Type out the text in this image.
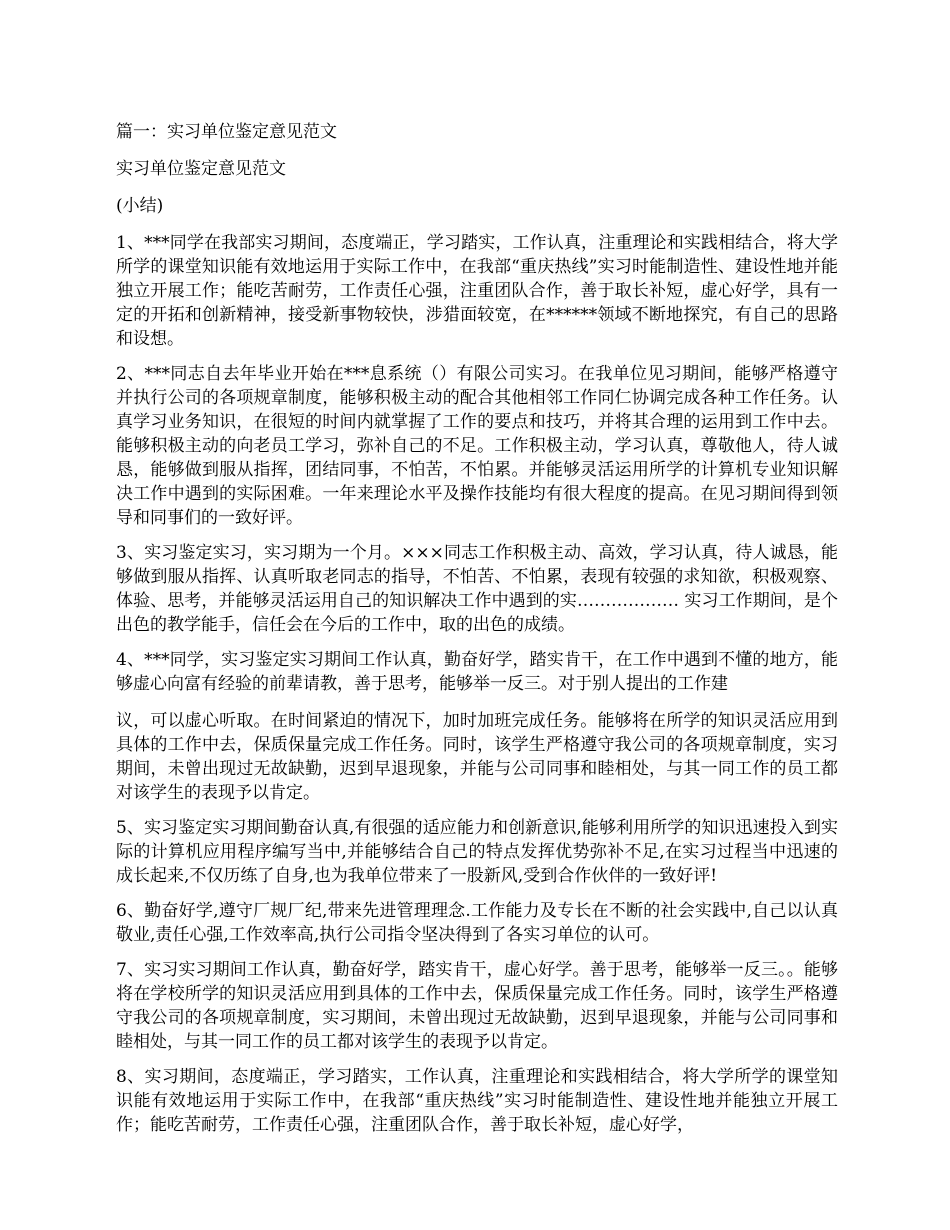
篇一：实习单位鉴定意见范文

实习单位鉴定意见范文

(小结)

1、***同学在我部实习期间，态度端正，学习踏实，工作认真，注重理论和实践相结合，将大学所学的课堂知识能有效地运用于实际工作中，在我部“重庆热线”实习时能制造性、建设性地并能独立开展工作；能吃苦耐劳，工作责任心强，注重团队合作，善于取长补短，虚心好学，具有一定的开拓和创新精神，接受新事物较快，涉猎面较宽，在******领域不断地探究，有自己的思路和设想。

2、***同志自去年毕业开始在***息系统（）有限公司实习。在我单位见习期间，能够严格遵守并执行公司的各项规章制度，能够积极主动的配合其他相邻工作同仁协调完成各种工作任务。认真学习业务知识，在很短的时间内就掌握了工作的要点和技巧，并将其合理的运用到工作中去。能够积极主动的向老员工学习，弥补自己的不足。工作积极主动，学习认真，尊敬他人，待人诚恳，能够做到服从指挥，团结同事，不怕苦，不怕累。并能够灵活运用所学的计算机专业知识解决工作中遇到的实际困难。一年来理论水平及操作技能均有很大程度的提高。在见习期间得到领导和同事们的一致好评。

3、实习鉴定实习，实习期为一个月。×××同志工作积极主动、高效，学习认真，待人诚恳，能够做到服从指挥、认真听取老同志的指导，不怕苦、不怕累，表现有较强的求知欲，积极观察、体验、思考，并能够灵活运用自己的知识解决工作中遇到的实……………… 实习工作期间，是个出色的教学能手，信任会在今后的工作中，取的出色的成绩。

4、***同学，实习鉴定实习期间工作认真，勤奋好学，踏实肯干，在工作中遇到不懂的地方，能够虚心向富有经验的前辈请教，善于思考，能够举一反三。对于别人提出的工作建

议，可以虚心听取。在时间紧迫的情况下，加时加班完成任务。能够将在所学的知识灵活应用到具体的工作中去，保质保量完成工作任务。同时，该学生严格遵守我公司的各项规章制度，实习期间，未曾出现过无故缺勤，迟到早退现象，并能与公司同事和睦相处，与其一同工作的员工都对该学生的表现予以肯定。

5、实习鉴定实习期间勤奋认真,有很强的适应能力和创新意识,能够利用所学的知识迅速投入到实际的计算机应用程序编写当中,并能够结合自己的特点发挥优势弥补不足,在实习过程当中迅速的成长起来,不仅历练了自身,也为我单位带来了一股新风,受到合作伙伴的一致好评!

6、勤奋好学,遵守厂规厂纪,带来先进管理理念.工作能力及专长在不断的社会实践中,自己以认真敬业,责任心强,工作效率高,执行公司指令坚决得到了各实习单位的认可。

7、实习实习期间工作认真，勤奋好学，踏实肯干，虚心好学。善于思考，能够举一反三。。能够将在学校所学的知识灵活应用到具体的工作中去，保质保量完成工作任务。同时，该学生严格遵守我公司的各项规章制度，实习期间，未曾出现过无故缺勤，迟到早退现象，并能与公司同事和睦相处，与其一同工作的员工都对该学生的表现予以肯定。

8、实习期间，态度端正，学习踏实，工作认真，注重理论和实践相结合，将大学所学的课堂知识能有效地运用于实际工作中，在我部“重庆热线”实习时能制造性、建设性地并能独立开展工作；能吃苦耐劳，工作责任心强，注重团队合作，善于取长补短，虚心好学，
